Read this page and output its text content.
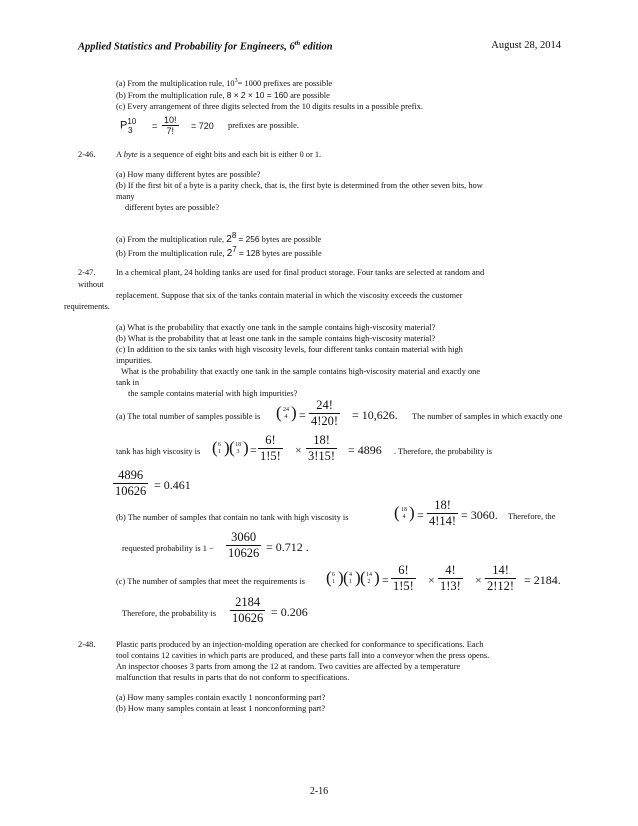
Applied Statistics and Probability for Engineers, 6th edition	August 28, 2014
(a) From the multiplication rule, $10^3= 1000$ prefixes are possible
(b) From the multiplication rule, 8 × 2 × 10 = 160 are possible
(c) Every arrangement of three digits selected from the 10 digits results in a possible prefix.
$P^{10}$
$3 = \frac{10!}{7!} = 720$ prefixes are possible.
2-46. A byte is a sequence of eight bits and each bit is either 0 or 1.
(a) How many different bytes are possible?
(b) If the first bit of a byte is a parity check, that is, the first byte is determined from the other seven bits, how
many
different bytes are possible?
(a) From the multiplication rule, $2^8 = 256$ bytes are possible
(b) From the multiplication rule, $2^7 = 128$ bytes are possible
2-47. In a chemical plant, 24 holding tanks are used for final product storage. Four tanks are selected at random and
without
replacement. Suppose that six of the tanks contain material in which the viscosity exceeds the customer
requirements.
(a) What is the probability that exactly one tank in the sample contains high-viscosity material?
(b) What is the probability that at least one tank in the sample contains high-viscosity material?
(c) In addition to the six tanks with high viscosity levels, four different tanks contain material with high
impurities.
What is the probability that exactly one tank in the sample contains high-viscosity material and exactly one
tank in
the sample contains material with high impurities?
(a) The total number of samples possible is ( 24
4 ) = $\frac{24!}{4!20!} = 10,626$. The number of samples in which exactly one
tank has high viscosity is ( 6
1 ) ( 18
3 ) = $\frac{6!}{1!5!} \times \frac{18!}{3!15!} = 4896$ . Therefore, the probability is
$\frac{4896}{10626} = 0.461$
(b) The number of samples that contain no tank with high viscosity is	( 18
4 ) = $\frac{18!}{4!14!} = 3060$. Therefore, the
requested probability is $1 - \frac{3060}{10626} = 0.712$ .
(c) The number of samples that meet the requirements is ( 6
1 ) ( 4
1 ) ( 14
2 ) = $\frac{6!}{1!5!} \times \frac{4!}{1!3!} \times \frac{14!}{2!12!} = 2184$.
Therefore, the probability is $\frac{2184}{10626} = 0.206$
2-48. Plastic parts produced by an injection-molding operation are checked for conformance to specifications. Each
tool contains 12 cavities in which parts are produced, and these parts fall into a conveyor when the press opens.
An inspector chooses 3 parts from among the 12 at random. Two cavities are affected by a temperature
malfunction that results in parts that do not conform to specifications.
(a) How many samples contain exactly 1 nonconforming part?
(b) How many samples contain at least 1 nonconforming part?
2-16
